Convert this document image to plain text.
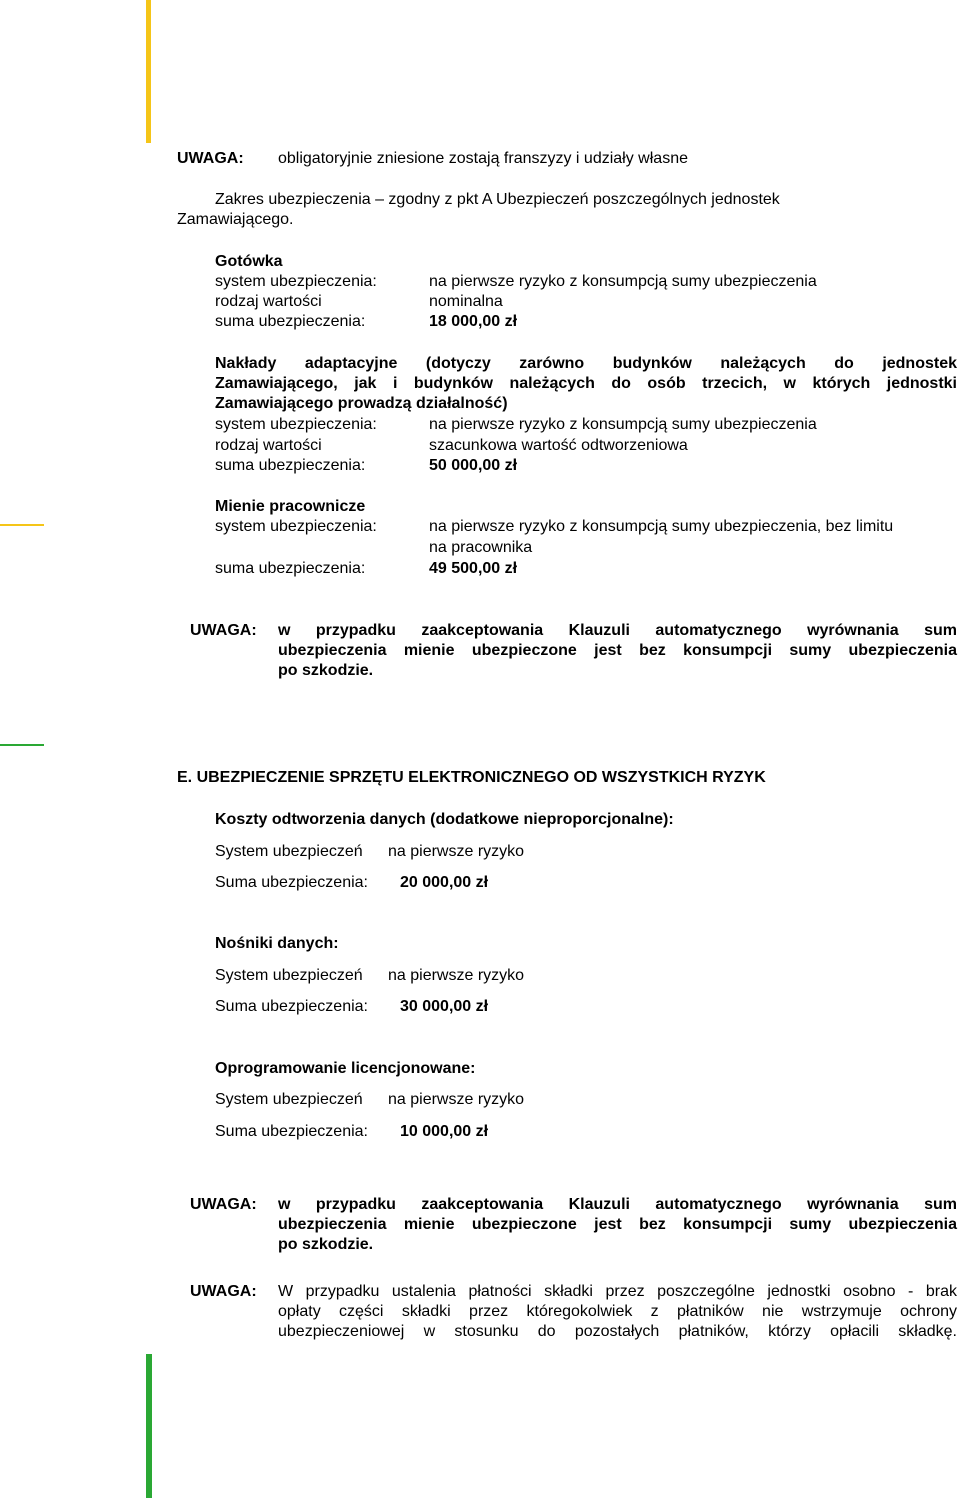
UWAGA: obligatoryjnie zniesione zostają franszyzy i udziały własne
Zakres ubezpieczenia – zgodny z pkt A Ubezpieczeń poszczególnych jednostek
Zamawiającego.
Gotówka
system ubezpieczenia:	na pierwsze ryzyko z konsumpcją sumy ubezpieczenia
rodzaj wartości	nominalna
suma ubezpieczenia:	18 000,00 zł
Nakłady adaptacyjne (dotyczy zarówno budynków należących do jednostek
Zamawiającego, jak i budynków należących do osób trzecich, w których jednostki
Zamawiającego prowadzą działalność)
system ubezpieczenia:	na pierwsze ryzyko z konsumpcją sumy ubezpieczenia
rodzaj wartości	szacunkowa wartość odtworzeniowa
suma ubezpieczenia:	50 000,00 zł
Mienie pracownicze
system ubezpieczenia:	na pierwsze ryzyko z konsumpcją sumy ubezpieczenia, bez limitu
na pracownika
suma ubezpieczenia:	49 500,00 zł
UWAGA: w przypadku zaakceptowania Klauzuli automatycznego wyrównania sum
ubezpieczenia mienie ubezpieczone jest bez konsumpcji sumy ubezpieczenia
po szkodzie.
E. UBEZPIECZENIE SPRZĘTU ELEKTRONICZNEGO OD WSZYSTKICH RYZYK
Koszty odtworzenia danych (dodatkowe nieproporcjonalne):
System ubezpieczeń na pierwsze ryzyko
Suma ubezpieczenia: 20 000,00 zł
Nośniki danych:
System ubezpieczeń na pierwsze ryzyko
Suma ubezpieczenia: 30 000,00 zł
Oprogramowanie licencjonowane:
System ubezpieczeń na pierwsze ryzyko
Suma ubezpieczenia: 10 000,00 zł
UWAGA: w przypadku zaakceptowania Klauzuli automatycznego wyrównania sum
ubezpieczenia mienie ubezpieczone jest bez konsumpcji sumy ubezpieczenia
po szkodzie.
UWAGA: W przypadku ustalenia płatności składki przez poszczególne jednostki osobno - brak
opłaty części składki przez któregokolwiek z płatników nie wstrzymuje ochrony
ubezpieczeniowej w stosunku do pozostałych płatników, którzy opłacili składkę.
